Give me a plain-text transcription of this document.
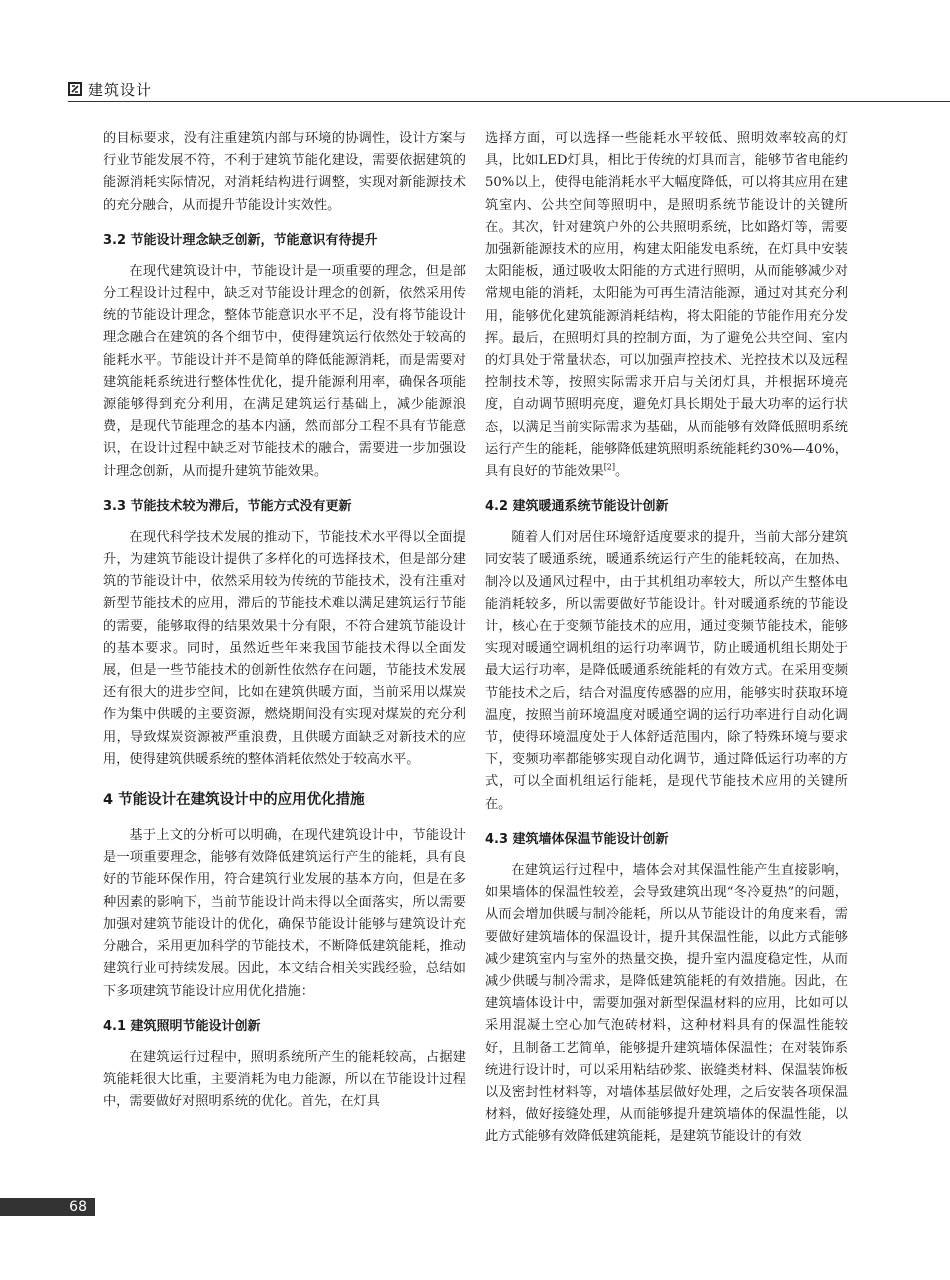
建筑设计

的目标要求，没有注重建筑内部与环境的协调性，设计方案与行业节能发展不符，不利于建筑节能化建设，需要依据建筑的能源消耗实际情况，对消耗结构进行调整，实现对新能源技术的充分融合，从而提升节能设计实效性。

3.2 节能设计理念缺乏创新，节能意识有待提升

在现代建筑设计中，节能设计是一项重要的理念，但是部分工程设计过程中，缺乏对节能设计理念的创新，依然采用传统的节能设计理念，整体节能意识水平不足，没有将节能设计理念融合在建筑的各个细节中，使得建筑运行依然处于较高的能耗水平。节能设计并不是简单的降低能源消耗，而是需要对建筑能耗系统进行整体性优化，提升能源利用率，确保各项能源能够得到充分利用，在满足建筑运行基础上，减少能源浪费，是现代节能理念的基本内涵，然而部分工程不具有节能意识，在设计过程中缺乏对节能技术的融合，需要进一步加强设计理念创新，从而提升建筑节能效果。

3.3 节能技术较为滞后，节能方式没有更新

在现代科学技术发展的推动下，节能技术水平得以全面提升，为建筑节能设计提供了多样化的可选择技术，但是部分建筑的节能设计中，依然采用较为传统的节能技术，没有注重对新型节能技术的应用，滞后的节能技术难以满足建筑运行节能的需要，能够取得的结果效果十分有限，不符合建筑节能设计的基本要求。同时，虽然近些年来我国节能技术得以全面发展，但是一些节能技术的创新性依然存在问题，节能技术发展还有很大的进步空间，比如在建筑供暖方面，当前采用以煤炭作为集中供暖的主要资源，燃烧期间没有实现对煤炭的充分利用，导致煤炭资源被严重浪费，且供暖方面缺乏对新技术的应用，使得建筑供暖系统的整体消耗依然处于较高水平。

4 节能设计在建筑设计中的应用优化措施

基于上文的分析可以明确，在现代建筑设计中，节能设计是一项重要理念，能够有效降低建筑运行产生的能耗，具有良好的节能环保作用，符合建筑行业发展的基本方向，但是在多种因素的影响下，当前节能设计尚未得以全面落实，所以需要加强对建筑节能设计的优化，确保节能设计能够与建筑设计充分融合，采用更加科学的节能技术，不断降低建筑能耗，推动建筑行业可持续发展。因此，本文结合相关实践经验，总结如下多项建筑节能设计应用优化措施：

4.1 建筑照明节能设计创新

在建筑运行过程中，照明系统所产生的能耗较高，占据建筑能耗很大比重，主要消耗为电力能源，所以在节能设计过程中，需要做好对照明系统的优化。首先，在灯具

选择方面，可以选择一些能耗水平较低、照明效率较高的灯具，比如LED灯具，相比于传统的灯具而言，能够节省电能约50%以上，使得电能消耗水平大幅度降低，可以将其应用在建筑室内、公共空间等照明中，是照明系统节能设计的关键所在。其次，针对建筑户外的公共照明系统，比如路灯等，需要加强新能源技术的应用，构建太阳能发电系统，在灯具中安装太阳能板，通过吸收太阳能的方式进行照明，从而能够减少对常规电能的消耗，太阳能为可再生清洁能源，通过对其充分利用，能够优化建筑能源消耗结构，将太阳能的节能作用充分发挥。最后，在照明灯具的控制方面，为了避免公共空间、室内的灯具处于常量状态，可以加强声控技术、光控技术以及远程控制技术等，按照实际需求开启与关闭灯具，并根据环境亮度，自动调节照明亮度，避免灯具长期处于最大功率的运行状态，以满足当前实际需求为基础，从而能够有效降低照明系统运行产生的能耗，能够降低建筑照明系统能耗约30%—40%，具有良好的节能效果[2]。

4.2 建筑暖通系统节能设计创新

随着人们对居住环境舒适度要求的提升，当前大部分建筑同安装了暖通系统，暖通系统运行产生的能耗较高，在加热、制冷以及通风过程中，由于其机组功率较大，所以产生整体电能消耗较多，所以需要做好节能设计。针对暖通系统的节能设计，核心在于变频节能技术的应用，通过变频节能技术，能够实现对暖通空调机组的运行功率调节，防止暖通机组长期处于最大运行功率，是降低暖通系统能耗的有效方式。在采用变频节能技术之后，结合对温度传感器的应用，能够实时获取环境温度，按照当前环境温度对暖通空调的运行功率进行自动化调节，使得环境温度处于人体舒适范围内，除了特殊环境与要求下，变频功率都能够实现自动化调节，通过降低运行功率的方式，可以全面机组运行能耗，是现代节能技术应用的关键所在。

4.3 建筑墙体保温节能设计创新

在建筑运行过程中，墙体会对其保温性能产生直接影响，如果墙体的保温性较差，会导致建筑出现“冬冷夏热”的问题，从而会增加供暖与制冷能耗，所以从节能设计的角度来看，需要做好建筑墙体的保温设计，提升其保温性能，以此方式能够减少建筑室内与室外的热量交换，提升室内温度稳定性，从而减少供暖与制冷需求，是降低建筑能耗的有效措施。因此，在建筑墙体设计中，需要加强对新型保温材料的应用，比如可以采用混凝土空心加气泡砖材料，这种材料具有的保温性能较好，且制备工艺简单，能够提升建筑墙体保温性；在对装饰系统进行设计时，可以采用粘结砂浆、嵌缝类材料、保温装饰板以及密封性材料等，对墙体基层做好处理，之后安装各项保温材料，做好接缝处理，从而能够提升建筑墙体的保温性能，以此方式能够有效降低建筑能耗，是建筑节能设计的有效

68
